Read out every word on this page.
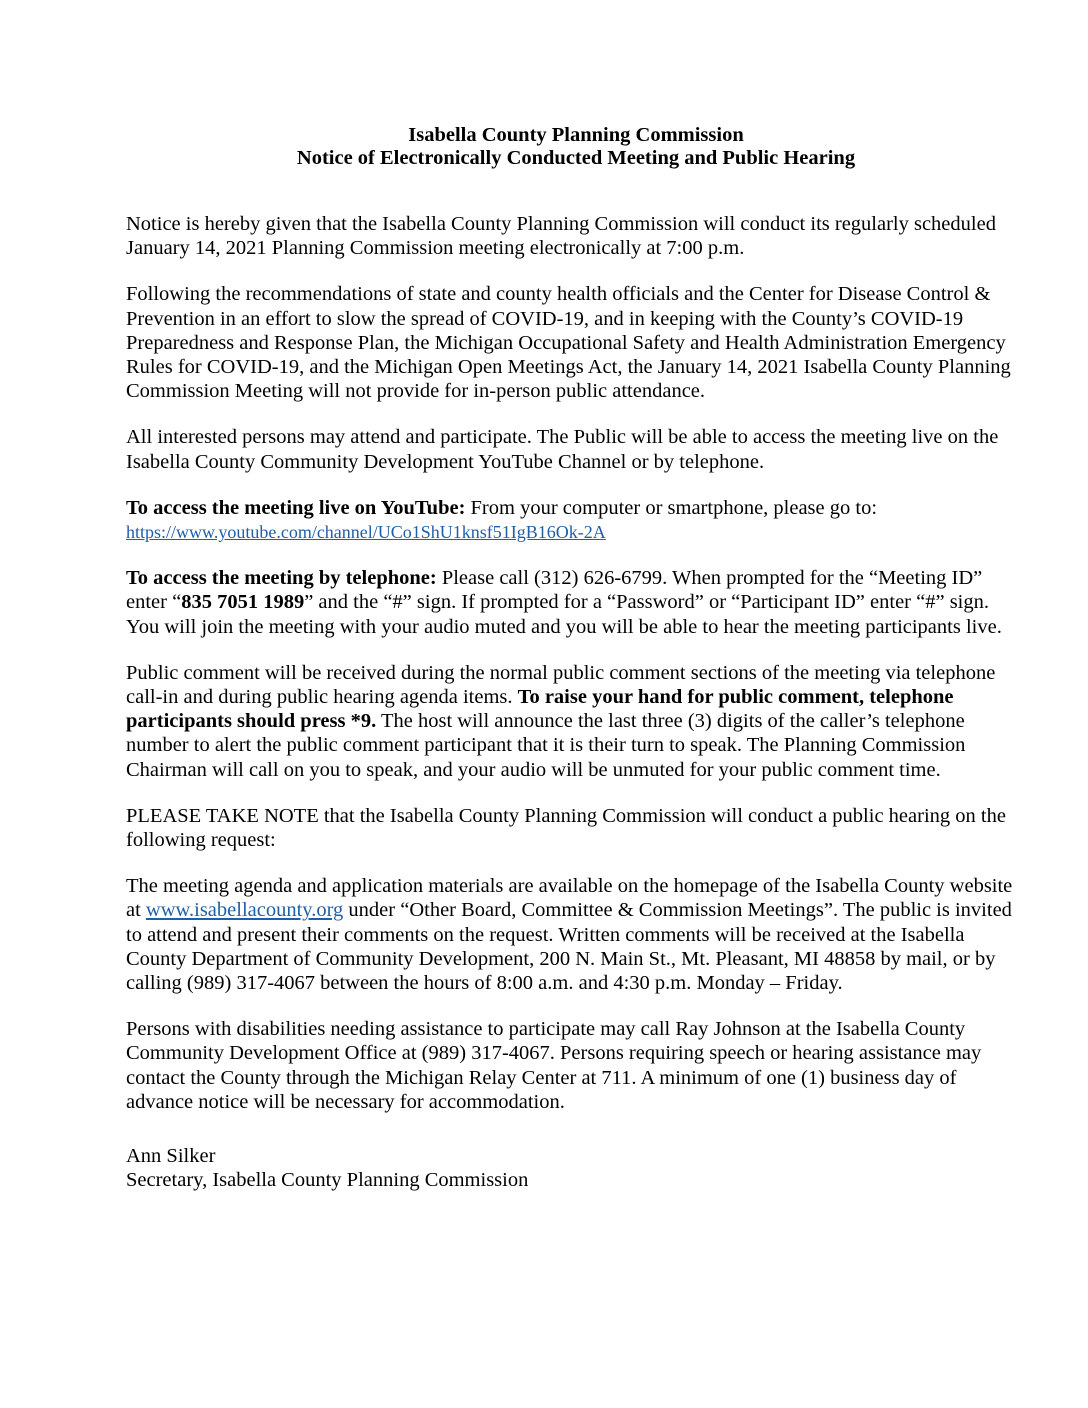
Isabella County Planning Commission
Notice of Electronically Conducted Meeting and Public Hearing

Notice is hereby given that the Isabella County Planning Commission will conduct its regularly scheduled January 14, 2021 Planning Commission meeting electronically at 7:00 p.m.

Following the recommendations of state and county health officials and the Center for Disease Control & Prevention in an effort to slow the spread of COVID-19, and in keeping with the County’s COVID-19 Preparedness and Response Plan, the Michigan Occupational Safety and Health Administration Emergency Rules for COVID-19, and the Michigan Open Meetings Act, the January 14, 2021 Isabella County Planning Commission Meeting will not provide for in-person public attendance.

All interested persons may attend and participate. The Public will be able to access the meeting live on the Isabella County Community Development YouTube Channel or by telephone.

To access the meeting live on YouTube: From your computer or smartphone, please go to:
https://www.youtube.com/channel/UCo1ShU1knsf51IgB16Ok-2A

To access the meeting by telephone: Please call (312) 626-6799. When prompted for the “Meeting ID” enter “835 7051 1989” and the “#” sign. If prompted for a “Password” or “Participant ID” enter “#” sign. You will join the meeting with your audio muted and you will be able to hear the meeting participants live.

Public comment will be received during the normal public comment sections of the meeting via telephone call-in and during public hearing agenda items. To raise your hand for public comment, telephone participants should press *9. The host will announce the last three (3) digits of the caller’s telephone number to alert the public comment participant that it is their turn to speak. The Planning Commission Chairman will call on you to speak, and your audio will be unmuted for your public comment time.

PLEASE TAKE NOTE that the Isabella County Planning Commission will conduct a public hearing on the following request:

The meeting agenda and application materials are available on the homepage of the Isabella County website at www.isabellacounty.org under “Other Board, Committee & Commission Meetings”. The public is invited to attend and present their comments on the request. Written comments will be received at the Isabella County Department of Community Development, 200 N. Main St., Mt. Pleasant, MI 48858 by mail, or by calling (989) 317-4067 between the hours of 8:00 a.m. and 4:30 p.m. Monday – Friday.

Persons with disabilities needing assistance to participate may call Ray Johnson at the Isabella County Community Development Office at (989) 317-4067. Persons requiring speech or hearing assistance may contact the County through the Michigan Relay Center at 711. A minimum of one (1) business day of advance notice will be necessary for accommodation.

Ann Silker
Secretary, Isabella County Planning Commission
